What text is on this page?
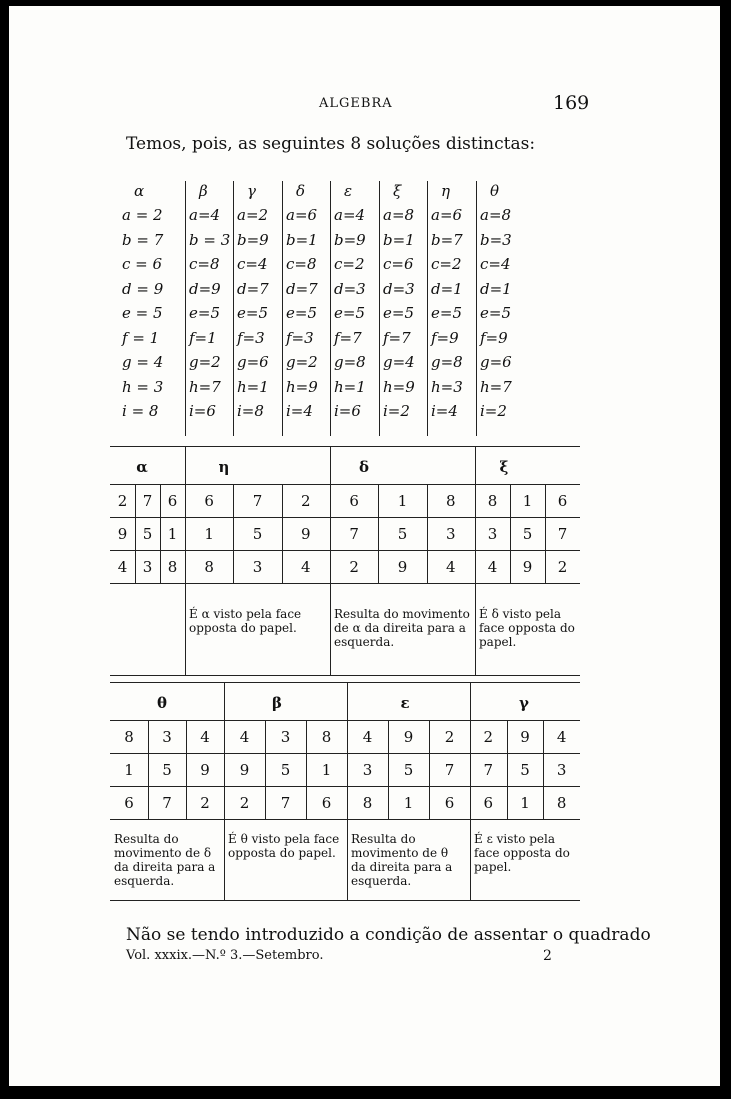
ALGEBRA	169
Temos, pois, as seguintes 8 soluções distinctas:
α	β	γ	δ	ε	ξ	η	θ
a = 2 a=4 a=2 a=6 a=4 a=8 a=6 a=8
b = 7 b = 3 b=9 b=1 b=9 b=1 b=7 b=3
c = 6 c=8 c=4 c=8 c=2 c=6 c=2 c=4
d = 9 d=9 d=7 d=7 d=3 d=3 d=1 d=1
e = 5 e=5 e=5 e=5 e=5 e=5 e=5 e=5
f = 1 f=1 f=3 f=3 f=7 f=7 f=9 f=9
g = 4 g=2 g=6 g=2 g=8 g=4 g=8 g=6
h = 3 h=7 h=1 h=9 h=1 h=9 h=3 h=7
i = 8 i=6 i=8 i=4 i=6 i=2 i=4 i=2
α	η	δ	ξ
2	7	6	6	7	2	6	1	8	8	1	6
9	5	1	1	5	9	7	5	3	3	5	7
4	3	8	8	3	4	2	9	4	4	9	2
É α visto pela face opposta do papel.
Resulta do movimento de α da direita para a esquerda.
É δ visto pela face opposta do papel.
θ	β	ε	γ
8	3	4	4	3	8	4	9	2	2	9	4
1	5	9	9	5	1	3	5	7	7	5	3
6	7	2	2	7	6	8	1	6	6	1	8
Resulta do movimento de δ da direita para a esquerda.
É θ visto pela face opposta do papel.
Resulta do movimento de θ da direita para a esquerda.
É ε visto pela face opposta do papel.
Não se tendo introduzido a condição de assentar o quadrado
Vol. xxxix.—N.º 3.—Setembro.	2
